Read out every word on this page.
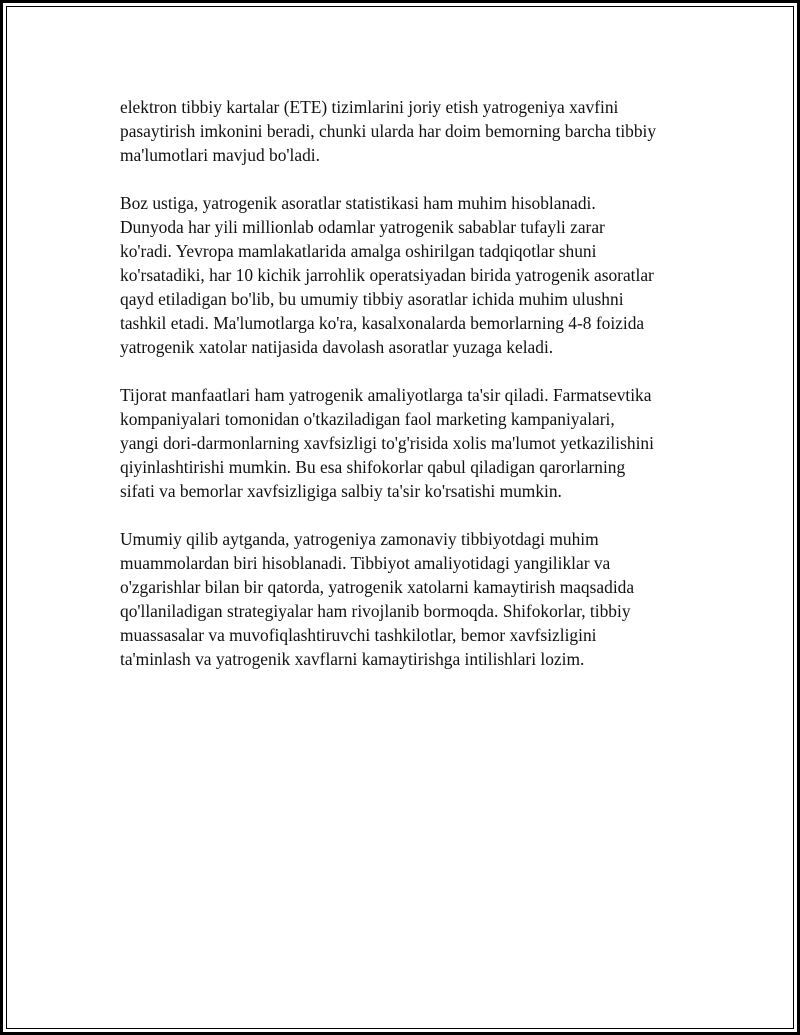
elektron tibbiy kartalar (ETE) tizimlarini joriy etish yatrogeniya xavfini
pasaytirish imkonini beradi, chunki ularda har doim bemorning barcha tibbiy
ma'lumotlari mavjud bo'ladi.

Boz ustiga, yatrogenik asoratlar statistikasi ham muhim hisoblanadi.
Dunyoda har yili millionlab odamlar yatrogenik sabablar tufayli zarar
ko'radi. Yevropa mamlakatlarida amalga oshirilgan tadqiqotlar shuni
ko'rsatadiki, har 10 kichik jarrohlik operatsiyadan birida yatrogenik asoratlar
qayd etiladigan bo'lib, bu umumiy tibbiy asoratlar ichida muhim ulushni
tashkil etadi. Ma'lumotlarga ko'ra, kasalxonalarda bemorlarning 4-8 foizida
yatrogenik xatolar natijasida davolash asoratlar yuzaga keladi.

Tijorat manfaatlari ham yatrogenik amaliyotlarga ta'sir qiladi. Farmatsevtika
kompaniyalari tomonidan o'tkaziladigan faol marketing kampaniyalari,
yangi dori-darmonlarning xavfsizligi to'g'risida xolis ma'lumot yetkazilishini
qiyinlashtirishi mumkin. Bu esa shifokorlar qabul qiladigan qarorlarning
sifati va bemorlar xavfsizligiga salbiy ta'sir ko'rsatishi mumkin.

Umumiy qilib aytganda, yatrogeniya zamonaviy tibbiyotdagi muhim
muammolardan biri hisoblanadi. Tibbiyot amaliyotidagi yangiliklar va
o'zgarishlar bilan bir qatorda, yatrogenik xatolarni kamaytirish maqsadida
qo'llaniladigan strategiyalar ham rivojlanib bormoqda. Shifokorlar, tibbiy
muassasalar va muvofiqlashtiruvchi tashkilotlar, bemor xavfsizligini
ta'minlash va yatrogenik xavflarni kamaytirishga intilishlari lozim.
